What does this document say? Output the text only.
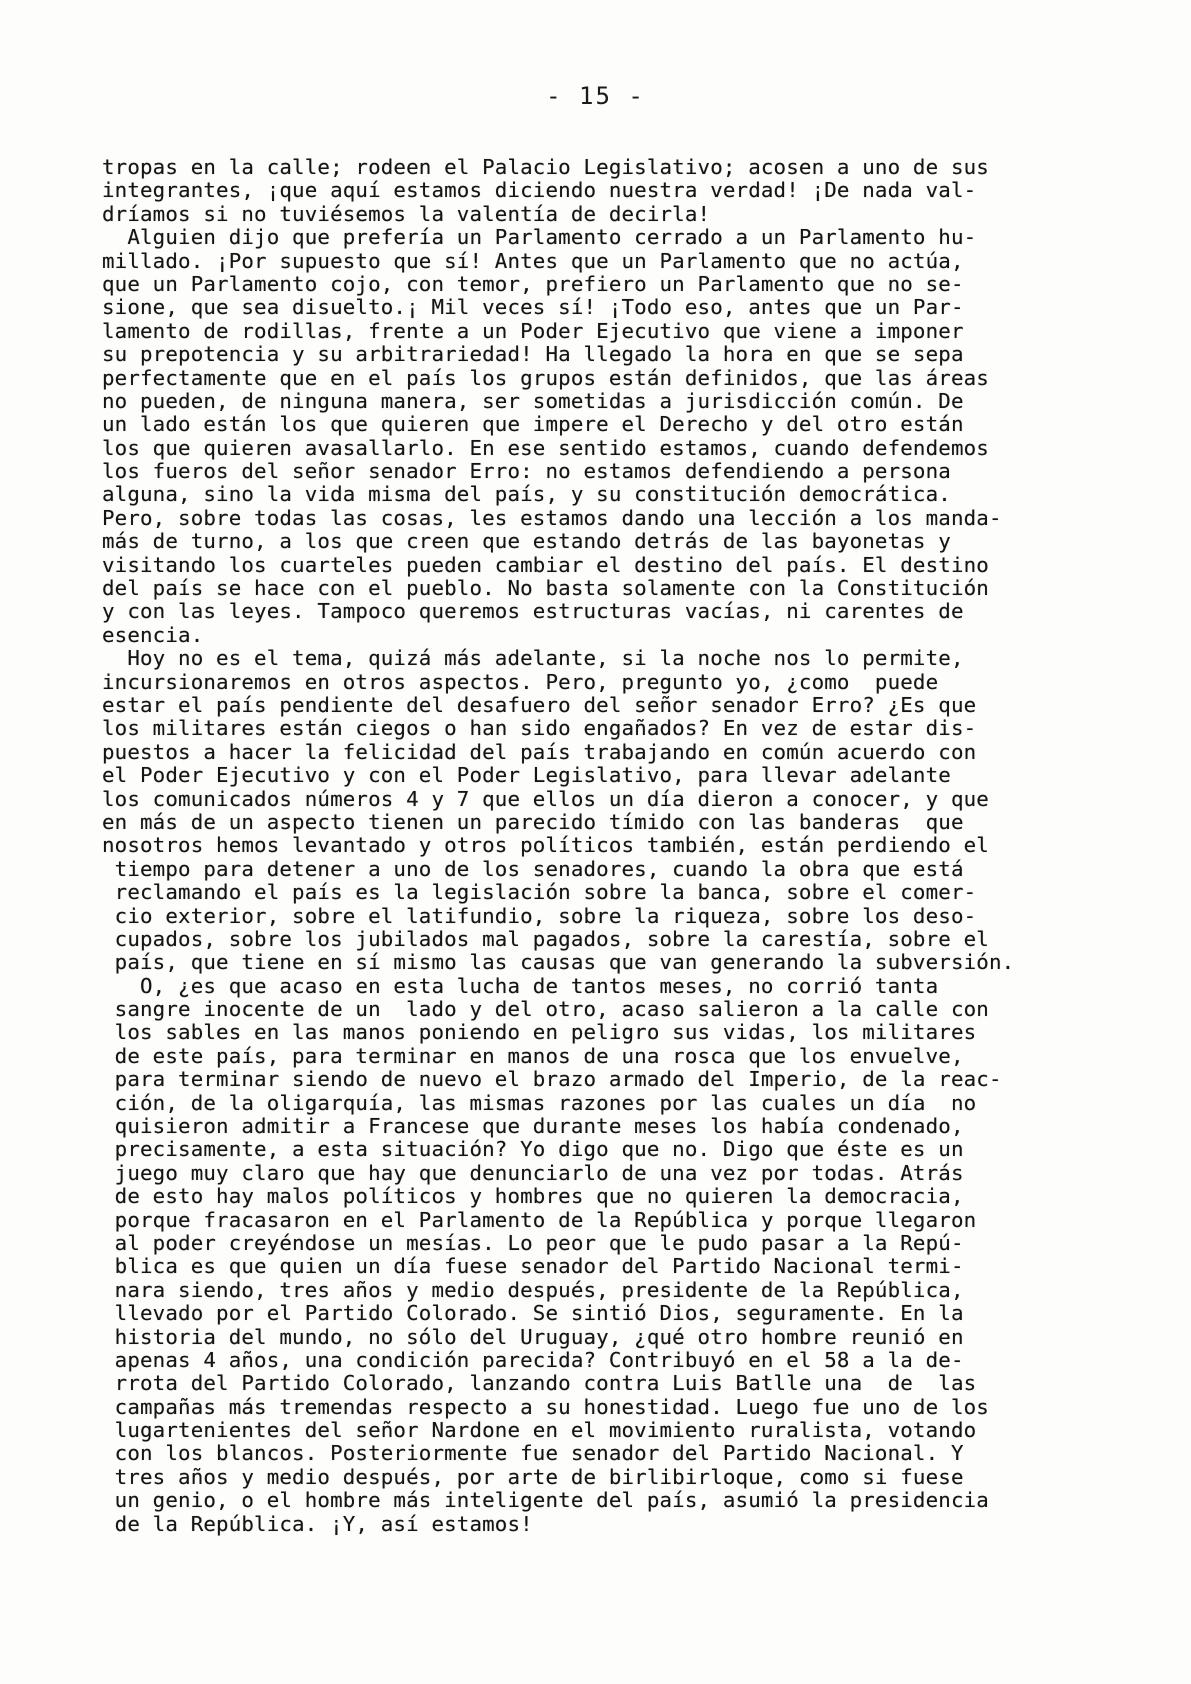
- 15 -
tropas en la calle; rodeen el Palacio Legislativo; acosen a uno de sus
integrantes, ¡que aquí estamos diciendo nuestra verdad! ¡De nada val-
dríamos si no tuviésemos la valentía de decirla!
Alguien dijo que prefería un Parlamento cerrado a un Parlamento hu-
millado. ¡Por supuesto que sí! Antes que un Parlamento que no actúa,
que un Parlamento cojo, con temor, prefiero un Parlamento que no se-
sione, que sea disuelto.¡ Mil veces sí! ¡Todo eso, antes que un Par-
lamento de rodillas, frente a un Poder Ejecutivo que viene a imponer
su prepotencia y su arbitrariedad! Ha llegado la hora en que se sepa
perfectamente que en el país los grupos están definidos, que las áreas
no pueden, de ninguna manera, ser sometidas a jurisdicción común. De
un lado están los que quieren que impere el Derecho y del otro están
los que quieren avasallarlo. En ese sentido estamos, cuando defendemos
los fueros del señor senador Erro: no estamos defendiendo a persona
alguna, sino la vida misma del país, y su constitución democrática.
Pero, sobre todas las cosas, les estamos dando una lección a los manda-
más de turno, a los que creen que estando detrás de las bayonetas y
visitando los cuarteles pueden cambiar el destino del país. El destino
del país se hace con el pueblo. No basta solamente con la Constitución
y con las leyes. Tampoco queremos estructuras vacías, ni carentes de
esencia.
Hoy no es el tema, quizá más adelante, si la noche nos lo permite,
incursionaremos en otros aspectos. Pero, pregunto yo, ¿como  puede
estar el país pendiente del desafuero del señor senador Erro? ¿Es que
los militares están ciegos o han sido engañados? En vez de estar dis-
puestos a hacer la felicidad del país trabajando en común acuerdo con
el Poder Ejecutivo y con el Poder Legislativo, para llevar adelante
los comunicados números 4 y 7 que ellos un día dieron a conocer, y que
en más de un aspecto tienen un parecido tímido con las banderas  que
nosotros hemos levantado y otros políticos también, están perdiendo el
tiempo para detener a uno de los senadores, cuando la obra que está
reclamando el país es la legislación sobre la banca, sobre el comer-
cio exterior, sobre el latifundio, sobre la riqueza, sobre los deso-
cupados, sobre los jubilados mal pagados, sobre la carestía, sobre el
país, que tiene en sí mismo las causas que van generando la subversión.
O, ¿es que acaso en esta lucha de tantos meses, no corrió tanta
sangre inocente de un  lado y del otro, acaso salieron a la calle con
los sables en las manos poniendo en peligro sus vidas, los militares
de este país, para terminar en manos de una rosca que los envuelve,
para terminar siendo de nuevo el brazo armado del Imperio, de la reac-
ción, de la oligarquía, las mismas razones por las cuales un día  no
quisieron admitir a Francese que durante meses los había condenado,
precisamente, a esta situación? Yo digo que no. Digo que éste es un
juego muy claro que hay que denunciarlo de una vez por todas. Atrás
de esto hay malos políticos y hombres que no quieren la democracia,
porque fracasaron en el Parlamento de la República y porque llegaron
al poder creyéndose un mesías. Lo peor que le pudo pasar a la Repú-
blica es que quien un día fuese senador del Partido Nacional termi-
nara siendo, tres años y medio después, presidente de la República,
llevado por el Partido Colorado. Se sintió Dios, seguramente. En la
historia del mundo, no sólo del Uruguay, ¿qué otro hombre reunió en
apenas 4 años, una condición parecida? Contribuyó en el 58 a la de-
rrota del Partido Colorado, lanzando contra Luis Batlle una  de  las
campañas más tremendas respecto a su honestidad. Luego fue uno de los
lugartenientes del señor Nardone en el movimiento ruralista, votando
con los blancos. Posteriormente fue senador del Partido Nacional. Y
tres años y medio después, por arte de birlibirloque, como si fuese
un genio, o el hombre más inteligente del país, asumió la presidencia
de la República. ¡Y, así estamos!
